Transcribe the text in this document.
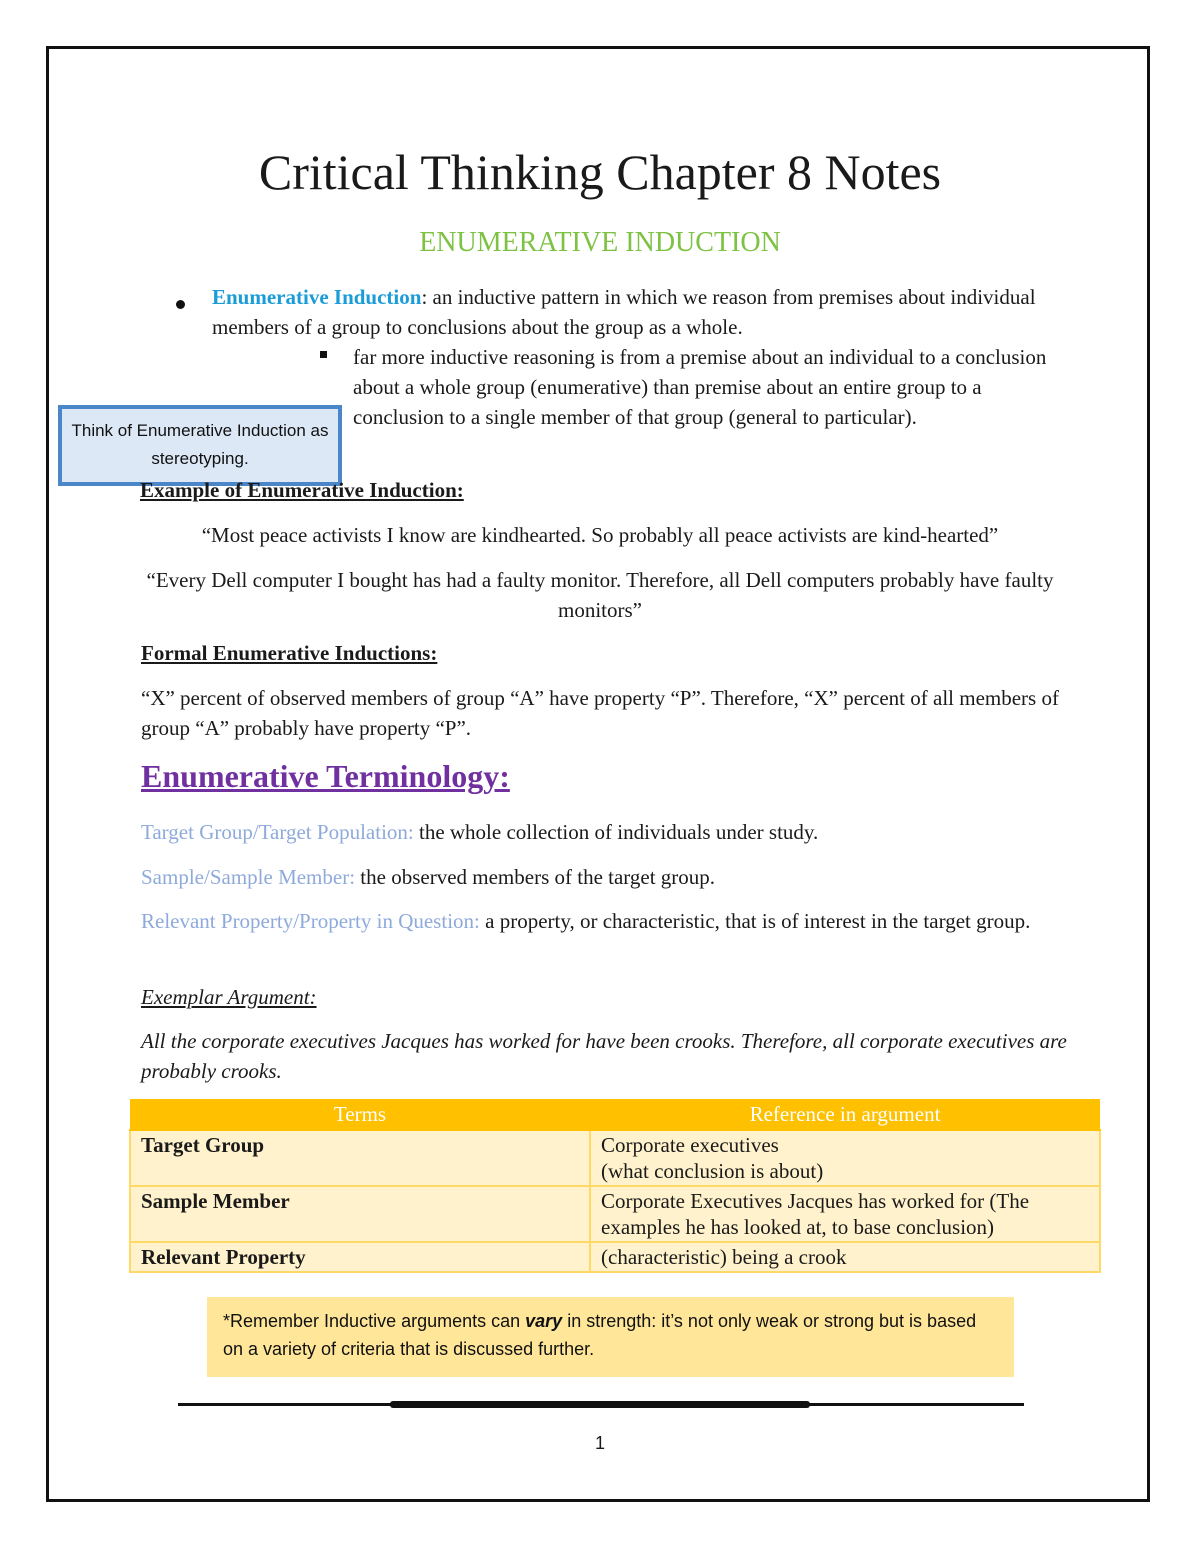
Critical Thinking Chapter 8 Notes
ENUMERATIVE INDUCTION
Enumerative Induction: an inductive pattern in which we reason from premises about individual members of a group to conclusions about the group as a whole.
far more inductive reasoning is from a premise about an individual to a conclusion about a whole group (enumerative) than premise about an entire group to a conclusion to a single member of that group (general to particular).
Think of Enumerative Induction as stereotyping.
Example of Enumerative Induction:
“Most peace activists I know are kindhearted. So probably all peace activists are kind-hearted”
“Every Dell computer I bought has had a faulty monitor. Therefore, all Dell computers probably have faulty monitors”
Formal Enumerative Inductions:
“X” percent of observed members of group “A” have property “P”. Therefore, “X” percent of all members of group “A” probably have property “P”.
Enumerative Terminology:
Target Group/Target Population: the whole collection of individuals under study.
Sample/Sample Member: the observed members of the target group.
Relevant Property/Property in Question: a property, or characteristic, that is of interest in the target group.
Exemplar Argument:
All the corporate executives Jacques has worked for have been crooks. Therefore, all corporate executives are probably crooks.
Terms	Reference in argument
Target Group	Corporate executives
(what conclusion is about)

Sample Member	Corporate Executives Jacques has worked for (The examples he has looked at, to base conclusion)
Relevant Property	(characteristic) being a crook
*Remember Inductive arguments can vary in strength: it’s not only weak or strong but is based on a variety of criteria that is discussed further.
1
